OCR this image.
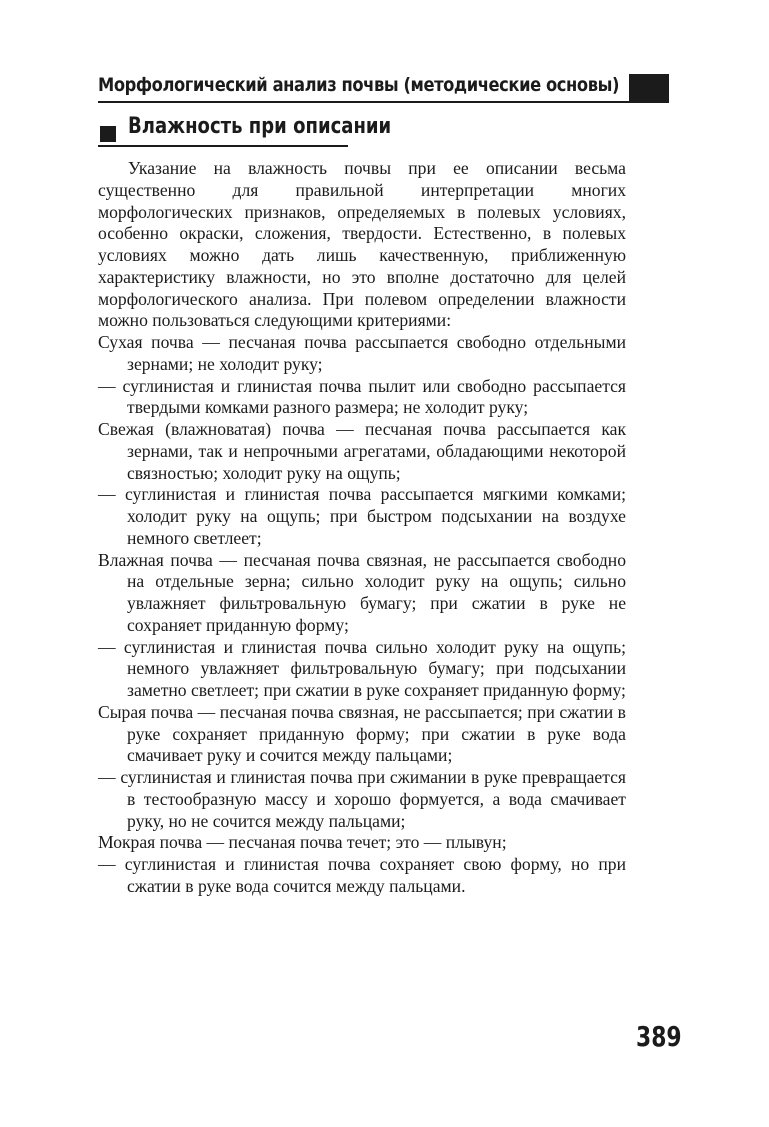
Морфологический анализ почвы (методические основы)
Влажность при описании

Указание на влажность почвы при ее описании весьма существенно для правильной интерпретации многих морфологических признаков, определяемых в полевых условиях, особенно окраски, сложения, твердости. Естественно, в полевых условиях можно дать лишь качественную, приближенную характеристику влажности, но это вполне достаточно для целей морфологического анализа. При полевом определении влажности можно пользоваться следующими критериями:

Сухая почва — песчаная почва рассыпается свободно отдельными зернами; не холодит руку;

— суглинистая и глинистая почва пылит или свободно рассыпается твердыми комками разного размера; не холодит руку;

Свежая (влажноватая) почва — песчаная почва рассыпается как зернами, так и непрочными агрегатами, обладающими некоторой связностью; холодит руку на ощупь;

— суглинистая и глинистая почва рассыпается мягкими комками; холодит руку на ощупь; при быстром подсыхании на воздухе немного светлеет;

Влажная почва — песчаная почва связная, не рассыпается свободно на отдельные зерна; сильно холодит руку на ощупь; сильно увлажняет фильтровальную бумагу; при сжатии в руке не сохраняет приданную форму;

— суглинистая и глинистая почва сильно холодит руку на ощупь; немного увлажняет фильтровальную бумагу; при подсыхании заметно светлеет; при сжатии в руке сохраняет приданную форму;

Сырая почва — песчаная почва связная, не рассыпается; при сжатии в руке сохраняет приданную форму; при сжатии в руке вода смачивает руку и сочится между пальцами;

— суглинистая и глинистая почва при сжимании в руке превращается в тестообразную массу и хорошо формуется, а вода смачивает руку, но не сочится между пальцами;

Мокрая почва — песчаная почва течет; это — плывун;

— суглинистая и глинистая почва сохраняет свою форму, но при сжатии в руке вода сочится между пальцами.

389
